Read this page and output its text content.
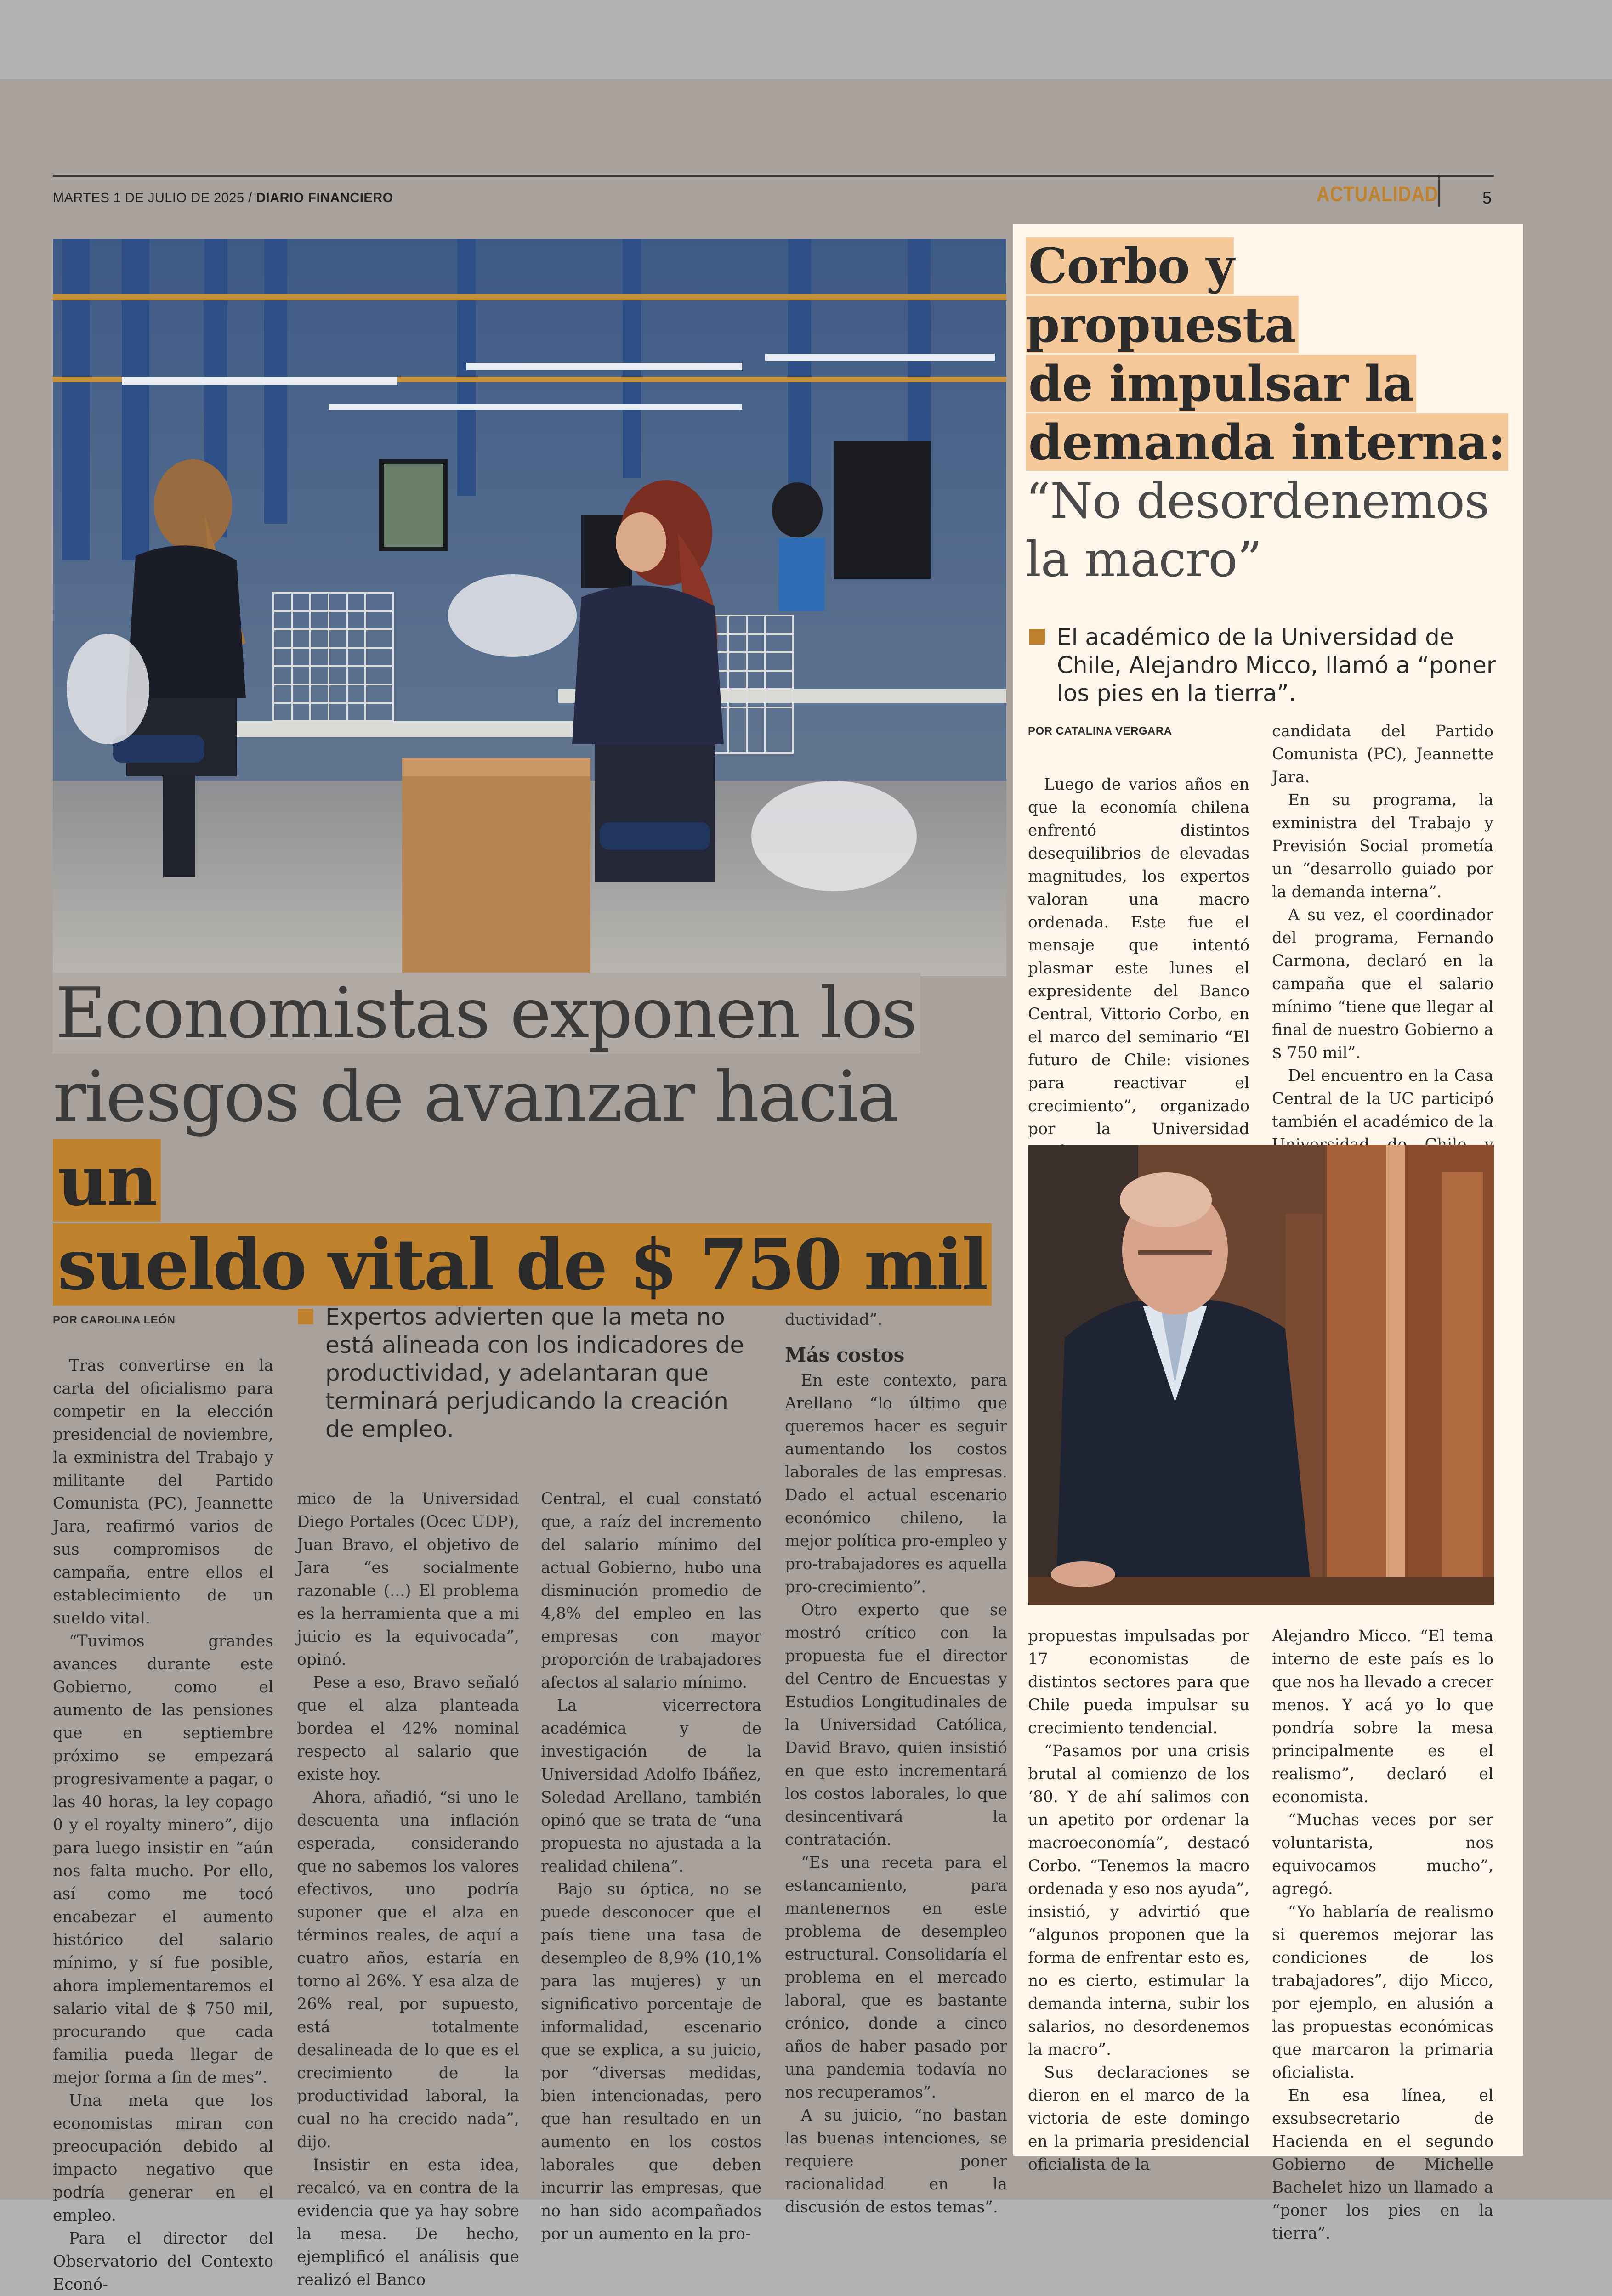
MARTES 1 DE JULIO DE 2025 / DIARIO FINANCIERO	ACTUALIDAD	5
Economistas exponen los
riesgos de avanzar hacia un
sueldo vital de $ 750 mil
POR CAROLINA LEÓN	Expertos advierten que la meta no está alineada con los indicadores de productividad, y adelantaran que terminará perjudicando la creación de empleo.

Tras convertirse en la carta del oficialismo para competir en la elección presidencial de noviembre, la exministra del Trabajo y militante del Partido Comunista (PC), Jeannette Jara, reafirmó varios de sus compromisos de campaña, entre ellos el establecimiento de un sueldo vital.

“Tuvimos grandes avances durante este Gobierno, como el aumento de las pensiones que en septiembre próximo se empezará progresivamente a pagar, o las 40 horas, la ley copago 0 y el royalty minero”, dijo para luego insistir en “aún nos falta mucho. Por ello, así como me tocó encabezar el aumento histórico del salario mínimo, y sí fue posible, ahora implementaremos el salario vital de $ 750 mil, procurando que cada familia pueda llegar de mejor forma a fin de mes”.

Una meta que los economistas miran con preocupación debido al impacto negativo que podría generar en el empleo.

Para el director del Observatorio del Contexto Econó-

mico de la Universidad Diego Portales (Ocec UDP), Juan Bravo, el objetivo de Jara “es socialmente razonable (...) El problema es la herramienta que a mi juicio es la equivocada”, opinó.

Pese a eso, Bravo señaló que el alza planteada bordea el 42% nominal respecto al salario que existe hoy.

Ahora, añadió, “si uno le descuenta una inflación esperada, considerando que no sabemos los valores efectivos, uno podría suponer que el alza en términos reales, de aquí a cuatro años, estaría en torno al 26%. Y esa alza de 26% real, por supuesto, está totalmente desalineada de lo que es el crecimiento de la productividad laboral, la cual no ha crecido nada”, dijo.

Insistir en esta idea, recalcó, va en contra de la evidencia que ya hay sobre la mesa. De hecho, ejemplificó el análisis que realizó el Banco

Central, el cual constató que, a raíz del incremento del salario mínimo del actual Gobierno, hubo una disminución promedio de 4,8% del empleo en las empresas con mayor proporción de trabajadores afectos al salario mínimo.

La vicerrectora académica y de investigación de la Universidad Adolfo Ibáñez, Soledad Arellano, también opinó que se trata de “una propuesta no ajustada a la realidad chilena”.

Bajo su óptica, no se puede desconocer que el país tiene una tasa de desempleo de 8,9% (10,1% para las mujeres) y un significativo porcentaje de informalidad, escenario que se explica, a su juicio, por “diversas medidas, bien intencionadas, pero que han resultado en un aumento en los costos laborales que deben incurrir las empresas, que no han sido acompañados por un aumento en la pro-

ductividad”.

Más costos

En este contexto, para Arellano “lo último que queremos hacer es seguir aumentando los costos laborales de las empresas. Dado el actual escenario económico chileno, la mejor política pro-empleo y pro-trabajadores es aquella pro-crecimiento”.

Otro experto que se mostró crítico con la propuesta fue el director del Centro de Encuestas y Estudios Longitudinales de la Universidad Católica, David Bravo, quien insistió en que esto incrementará los costos laborales, lo que desincentivará la contratación.

“Es una receta para el estancamiento, para mantenernos en este problema de desempleo estructural. Consolidaría el problema en el mercado laboral, que es bastante crónico, donde a cinco años de haber pasado por una pandemia todavía no nos recuperamos”.

A su juicio, “no bastan las buenas intenciones, se requiere poner racionalidad en la discusión de estos temas”.

Corbo y propuesta
de impulsar la
demanda interna:
“No desordenemos
la macro”
El académico de la Universidad de Chile, Alejandro Micco, llamó a “poner los pies en la tierra”.
POR CATALINA VERGARA

Luego de varios años en que la economía chilena enfrentó distintos desequilibrios de elevadas magnitudes, los expertos valoran una macro ordenada. Este fue el mensaje que intentó plasmar este lunes el expresidente del Banco Central, Vittorio Corbo, en el marco del seminario “El futuro de Chile: visiones para reactivar el crecimiento”, organizado por la Universidad

candidata del Partido Comunista (PC), Jeannette Jara.

En su programa, la exministra del Trabajo y Previsión Social prometía un “desarrollo guiado por la demanda interna”.

A su vez, el coordinador del programa, Fernando Carmona, declaró en la campaña que el salario mínimo “tiene que llegar al final de nuestro Gobierno a $ 750 mil”.

Del encuentro en la Casa Central de la UC participó también el académico de la

propuestas impulsadas por 17 economistas de distintos sectores para que Chile pueda impulsar su crecimiento tendencial.

“Pasamos por una crisis brutal al comienzo de los ‘80. Y de ahí salimos con un apetito por ordenar la macroeconomía”, destacó Corbo. “Tenemos la macro ordenada y eso nos ayuda”, insistió, y advirtió que “algunos proponen que la forma de enfrentar esto es, no es cierto, estimular la demanda interna, subir los salarios, no desordenemos la macro”.

Sus declaraciones se dieron en el marco de la victoria de este domingo en la primaria presidencial oficialista de la

Alejandro Micco. “El tema interno de este país es lo que nos ha llevado a crecer menos. Y acá yo lo que pondría sobre la mesa principalmente es el realismo”, declaró el economista.

“Muchas veces por ser voluntarista, nos equivocamos mucho”, agregó.

“Yo hablaría de realismo si queremos mejorar las condiciones de los trabajadores”, dijo Micco, por ejemplo, en alusión a las propuestas económicas que marcaron la primaria oficialista.

En esa línea, el exsubsecretario de Hacienda en el segundo Gobierno de Michelle Bachelet hizo un llamado a “poner los pies en la tierra”.
